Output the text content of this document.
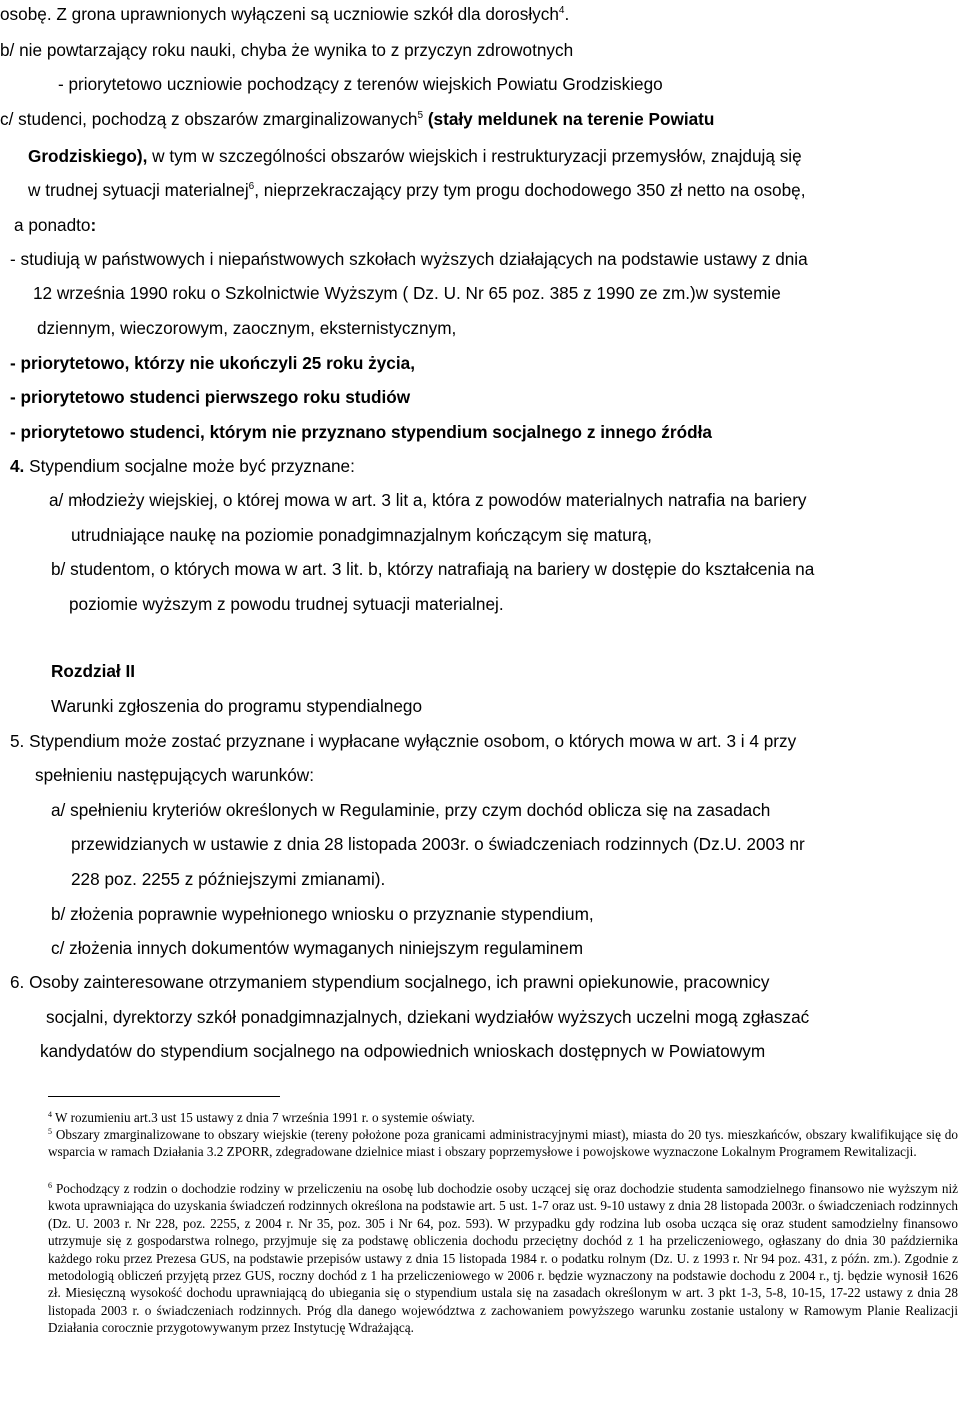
osobę. Z grona uprawnionych wyłączeni są uczniowie szkół dla dorosłych$^4$.
b/ nie powtarzający roku nauki, chyba że wynika to z przyczyn zdrowotnych
- priorytetowo uczniowie pochodzący z terenów wiejskich Powiatu Grodziskiego
c/ studenci, pochodzą z obszarów zmarginalizowanych$^5$ (stały meldunek na terenie Powiatu
Grodziskiego), w tym w szczególności obszarów wiejskich i restrukturyzacji przemysłów, znajdują się
w trudnej sytuacji materialnej$^6$, nieprzekraczający przy tym progu dochodowego 350 zł netto na osobę,
a ponadto:
- studiują w państwowych i niepaństwowych szkołach wyższych działających na podstawie ustawy z dnia
12 września 1990 roku o Szkolnictwie Wyższym ( Dz. U. Nr 65 poz. 385 z 1990 ze zm.)w systemie
dziennym, wieczorowym, zaocznym, eksternistycznym,
- priorytetowo, którzy nie ukończyli 25 roku życia,
- priorytetowo studenci pierwszego roku studiów
- priorytetowo studenci, którym nie przyznano stypendium socjalnego z innego źródła
4. Stypendium socjalne może być przyznane:
a/ młodzieży wiejskiej, o której mowa w art. 3 lit a, która z powodów materialnych natrafia na bariery
utrudniające naukę na poziomie ponadgimnazjalnym kończącym się maturą,
b/ studentom, o których mowa w art. 3 lit. b, którzy natrafiają na bariery w dostępie do kształcenia na
poziomie wyższym z powodu trudnej sytuacji materialnej.
Rozdział II
Warunki zgłoszenia do programu stypendialnego
5. Stypendium może zostać przyznane i wypłacane wyłącznie osobom, o których mowa w art. 3 i 4 przy
spełnieniu następujących warunków:
a/ spełnieniu kryteriów określonych w Regulaminie, przy czym dochód oblicza się na zasadach
przewidzianych w ustawie z dnia 28 listopada 2003r. o świadczeniach rodzinnych (Dz.U. 2003 nr
228 poz. 2255 z późniejszymi zmianami).
b/ złożenia poprawnie wypełnionego wniosku o przyznanie stypendium,
c/ złożenia innych dokumentów wymaganych niniejszym regulaminem
6. Osoby zainteresowane otrzymaniem stypendium socjalnego, ich prawni opiekunowie, pracownicy
socjalni, dyrektorzy szkół ponadgimnazjalnych, dziekani wydziałów wyższych uczelni mogą zgłaszać
kandydatów do stypendium socjalnego na odpowiednich wnioskach dostępnych w Powiatowym
$^4$ W rozumieniu art.3 ust 15 ustawy z dnia 7 września 1991 r. o systemie oświaty.
$^5$ Obszary zmarginalizowane to obszary wiejskie (tereny położone poza granicami administracyjnymi miast), miasta do 20 tys. mieszkańców, obszary kwalifikujące się do wsparcia w ramach Działania 3.2 ZPORR, zdegradowane dzielnice miast i obszary poprzemysłowe i powojskowe wyznaczone Lokalnym Programem Rewitalizacji.
$^6$ Pochodzący z rodzin o dochodzie rodziny w przeliczeniu na osobę lub dochodzie osoby uczącej się oraz dochodzie studenta samodzielnego finansowo nie wyższym niż kwota uprawniająca do uzyskania świadczeń rodzinnych określona na podstawie art. 5 ust. 1-7 oraz ust. 9-10 ustawy z dnia 28 listopada 2003r. o świadczeniach rodzinnych (Dz. U. 2003 r. Nr 228, poz. 2255, z 2004 r. Nr 35, poz. 305 i Nr 64, poz. 593). W przypadku gdy rodzina lub osoba ucząca się oraz student samodzielny finansowo utrzymuje się z gospodarstwa rolnego, przyjmuje się za podstawę obliczenia dochodu przeciętny dochód z 1 ha przeliczeniowego, ogłaszany do dnia 30 października każdego roku przez Prezesa GUS, na podstawie przepisów ustawy z dnia 15 listopada 1984 r. o podatku rolnym (Dz. U. z 1993 r. Nr 94 poz. 431, z późn. zm.). Zgodnie z metodologią obliczeń przyjętą przez GUS, roczny dochód z 1 ha przeliczeniowego w 2006 r. będzie wyznaczony na podstawie dochodu z 2004 r., tj. będzie wynosił 1626 zł. Miesięczną wysokość dochodu uprawniającą do ubiegania się o stypendium ustala się na zasadach określonym w art. 3 pkt 1-3, 5-8, 10-15, 17-22 ustawy z dnia 28 listopada 2003 r. o świadczeniach rodzinnych. Próg dla danego województwa z zachowaniem powyższego warunku zostanie ustalony w Ramowym Planie Realizacji Działania corocznie przygotowywanym przez Instytucję Wdrażającą.
